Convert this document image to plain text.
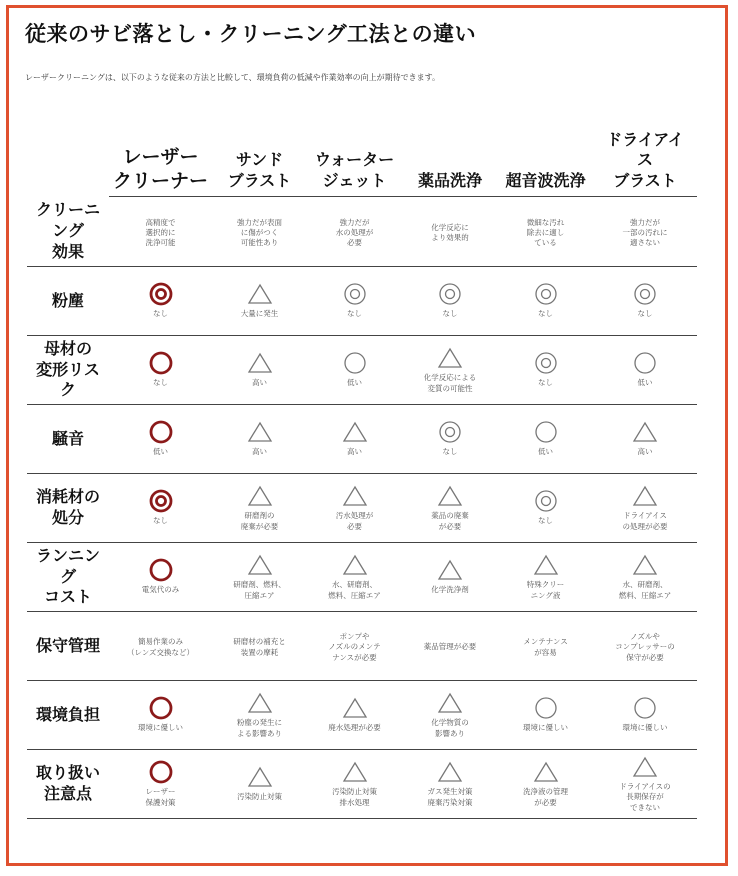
従来のサビ落とし・クリーニング工法との違い

レーザークリーニングは、以下のような従来の方法と比較して、環境負荷の低減や作業効率の向上が期待できます。

	レーザー
クリーナー	サンド
ブラスト	ウォーター
ジェット	薬品洗浄	超音波洗浄	ドライアイ
ス
ブラスト
クリーニ
ング
効果	高精度で
選択的に
洗浄可能	強力だが表面
に傷がつく
可能性あり	強力だが
水の処理が
必要	化学反応に
より効果的	微細な汚れ
除去に適し
ている	強力だが
一部の汚れに
適さない

粉塵	なし	大量に発生	なし	なし	なし	なし

母材の
変形リス
ク	なし	高い	低い	化学反応による
変質の可能性	なし	低い

騒音	低い	高い	高い	なし	低い	高い

消耗材の
処分	なし	研磨剤の
廃棄が必要	汚水処理が
必要	薬品の廃棄
が必要	なし	ドライアイス
の処理が必要

ランニン
グ
コスト	電気代のみ	研磨剤、燃料、
圧縮エア	水、研磨剤、
燃料、圧縮エア	化学洗浄剤	特殊クリー
ニング液	水、研磨剤、
燃料、圧縮エア

保守管理	簡易作業のみ
（レンズ交換など）	研磨材の補充と
装置の摩耗	ポンプや
ノズルのメンテ
ナンスが必要	薬品管理が必要	メンテナンス
が容易	ノズルや
コンプレッサーの
保守が必要

環境負担	環境に優しい	粉塵の発生に
よる影響あり	廃水処理が必要	化学物質の
影響あり	環境に優しい	環境に優しい

取り扱い
注意点	レーザー
保護対策	汚染防止対策	汚染防止対策
排水処理	ガス発生対策
廃棄汚染対策	洗浄液の管理
が必要	ドライアイスの
長期保存が
できない
